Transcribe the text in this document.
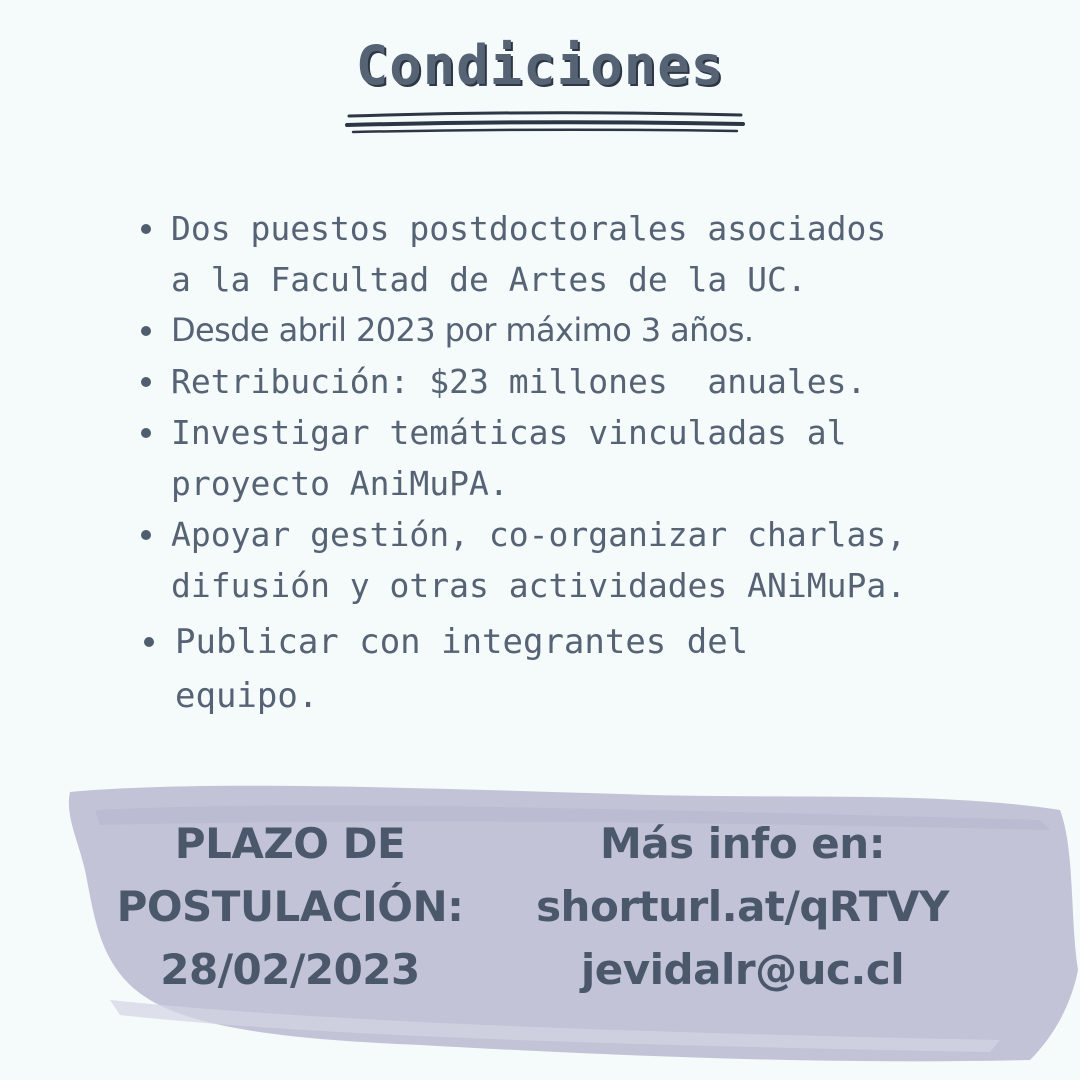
Condiciones
Dos puestos postdoctorales asociados
a la Facultad de Artes de la UC.
Desde abril 2023 por máximo 3 años.
Retribución: $23 millones  anuales.
Investigar temáticas vinculadas al
proyecto AniMuPA.
Apoyar gestión, co-organizar charlas,
difusión y otras actividades ANiMuPa.
Publicar con integrantes del
equipo.
PLAZO DE
POSTULACIÓN:
28/02/2023
Más info en:
shorturl.at/qRTVY
jevidalr@uc.cl
